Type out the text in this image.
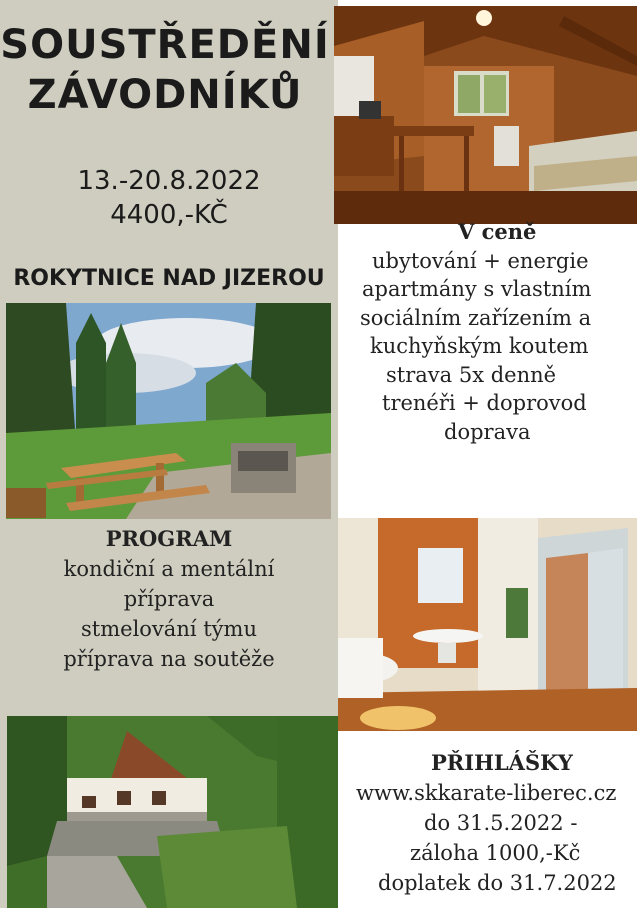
SOUSTŘEDĚNÍ
ZÁVODNÍKŮ
13.-20.8.2022
4400,-KČ
ROKYTNICE NAD JIZEROU
V ceně
ubytování + energie
apartmány s vlastním
sociálním zařízením a
kuchyňským koutem
strava 5x denně
trenéři + doprovod
doprava
PROGRAM
kondiční a mentální
příprava
stmelování týmu
příprava na soutěže
PŘIHLÁŠKY
www.skkarate-liberec.cz
do 31.5.2022 -
záloha 1000,-Kč
doplatek do 31.7.2022
